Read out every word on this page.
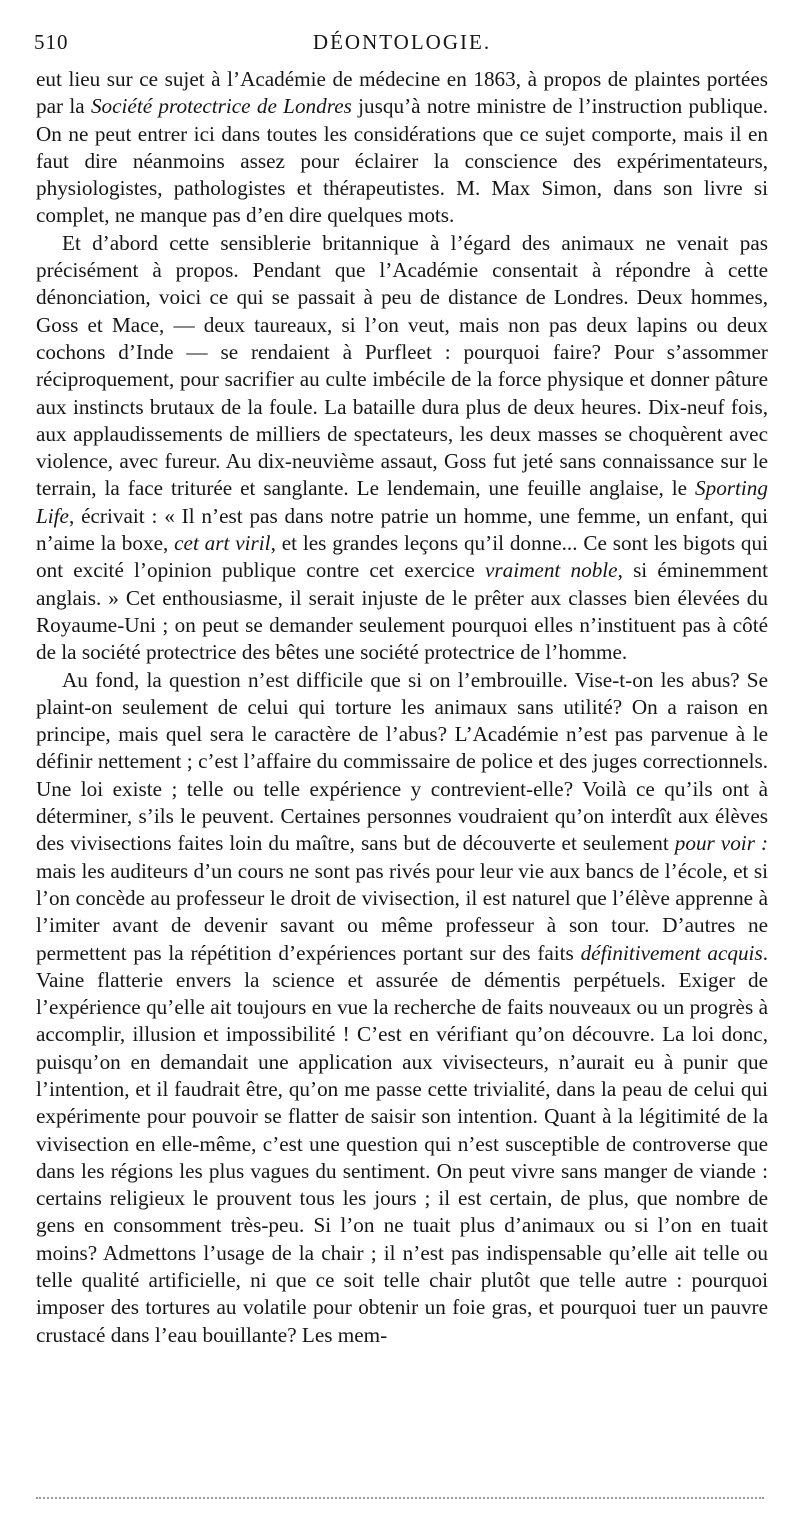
510	DÉONTOLOGIE.

eut lieu sur ce sujet à l’Académie de médecine en 1863, à propos de plaintes portées par la Société protectrice de Londres jusqu’à notre ministre de l’instruction publique. On ne peut entrer ici dans toutes les considérations que ce sujet comporte, mais il en faut dire néanmoins assez pour éclairer la conscience des expérimentateurs, physiologistes, pathologistes et thérapeutistes. M. Max Simon, dans son livre si complet, ne manque pas d’en dire quelques mots.

Et d’abord cette sensiblerie britannique à l’égard des animaux ne venait pas précisément à propos. Pendant que l’Académie consentait à répondre à cette dénonciation, voici ce qui se passait à peu de distance de Londres. Deux hommes, Goss et Mace, — deux taureaux, si l’on veut, mais non pas deux lapins ou deux cochons d’Inde — se rendaient à Purfleet : pourquoi faire? Pour s’assommer réciproquement, pour sacrifier au culte imbécile de la force physique et donner pâture aux instincts brutaux de la foule. La bataille dura plus de deux heures. Dix-neuf fois, aux applaudissements de milliers de spectateurs, les deux masses se choquèrent avec violence, avec fureur. Au dix-neuvième assaut, Goss fut jeté sans connaissance sur le terrain, la face triturée et sanglante. Le lendemain, une feuille anglaise, le Sporting Life, écrivait : « Il n’est pas dans notre patrie un homme, une femme, un enfant, qui n’aime la boxe, cet art viril, et les grandes leçons qu’il donne... Ce sont les bigots qui ont excité l’opinion publique contre cet exercice vraiment noble, si éminemment anglais. » Cet enthousiasme, il serait injuste de le prêter aux classes bien élevées du Royaume-Uni ; on peut se demander seulement pourquoi elles n’instituent pas à côté de la société protectrice des bêtes une société protectrice de l’homme.

Au fond, la question n’est difficile que si on l’embrouille. Vise-t-on les abus? Se plaint-on seulement de celui qui torture les animaux sans utilité? On a raison en principe, mais quel sera le caractère de l’abus? L’Académie n’est pas parvenue à le définir nettement ; c’est l’affaire du commissaire de police et des juges correctionnels. Une loi existe ; telle ou telle expérience y contrevient-elle? Voilà ce qu’ils ont à déterminer, s’ils le peuvent. Certaines personnes voudraient qu’on interdît aux élèves des vivisections faites loin du maître, sans but de découverte et seulement pour voir : mais les auditeurs d’un cours ne sont pas rivés pour leur vie aux bancs de l’école, et si l’on concède au professeur le droit de vivisection, il est naturel que l’élève apprenne à l’imiter avant de devenir savant ou même professeur à son tour. D’autres ne permettent pas la répétition d’expériences portant sur des faits définitivement acquis. Vaine flatterie envers la science et assurée de démentis perpétuels. Exiger de l’expérience qu’elle ait toujours en vue la recherche de faits nouveaux ou un progrès à accomplir, illusion et impossibilité ! C’est en vérifiant qu’on découvre. La loi donc, puisqu’on en demandait une application aux vivisecteurs, n’aurait eu à punir que l’intention, et il faudrait être, qu’on me passe cette trivialité, dans la peau de celui qui expérimente pour pouvoir se flatter de saisir son intention. Quant à la légitimité de la vivisection en elle-même, c’est une question qui n’est susceptible de controverse que dans les régions les plus vagues du sentiment. On peut vivre sans manger de viande : certains religieux le prouvent tous les jours ; il est certain, de plus, que nombre de gens en consomment très-peu. Si l’on ne tuait plus d’animaux ou si l’on en tuait moins? Admettons l’usage de la chair ; il n’est pas indispensable qu’elle ait telle ou telle qualité artificielle, ni que ce soit telle chair plutôt que telle autre : pourquoi imposer des tortures au volatile pour obtenir un foie gras, et pourquoi tuer un pauvre crustacé dans l’eau bouillante? Les mem-
